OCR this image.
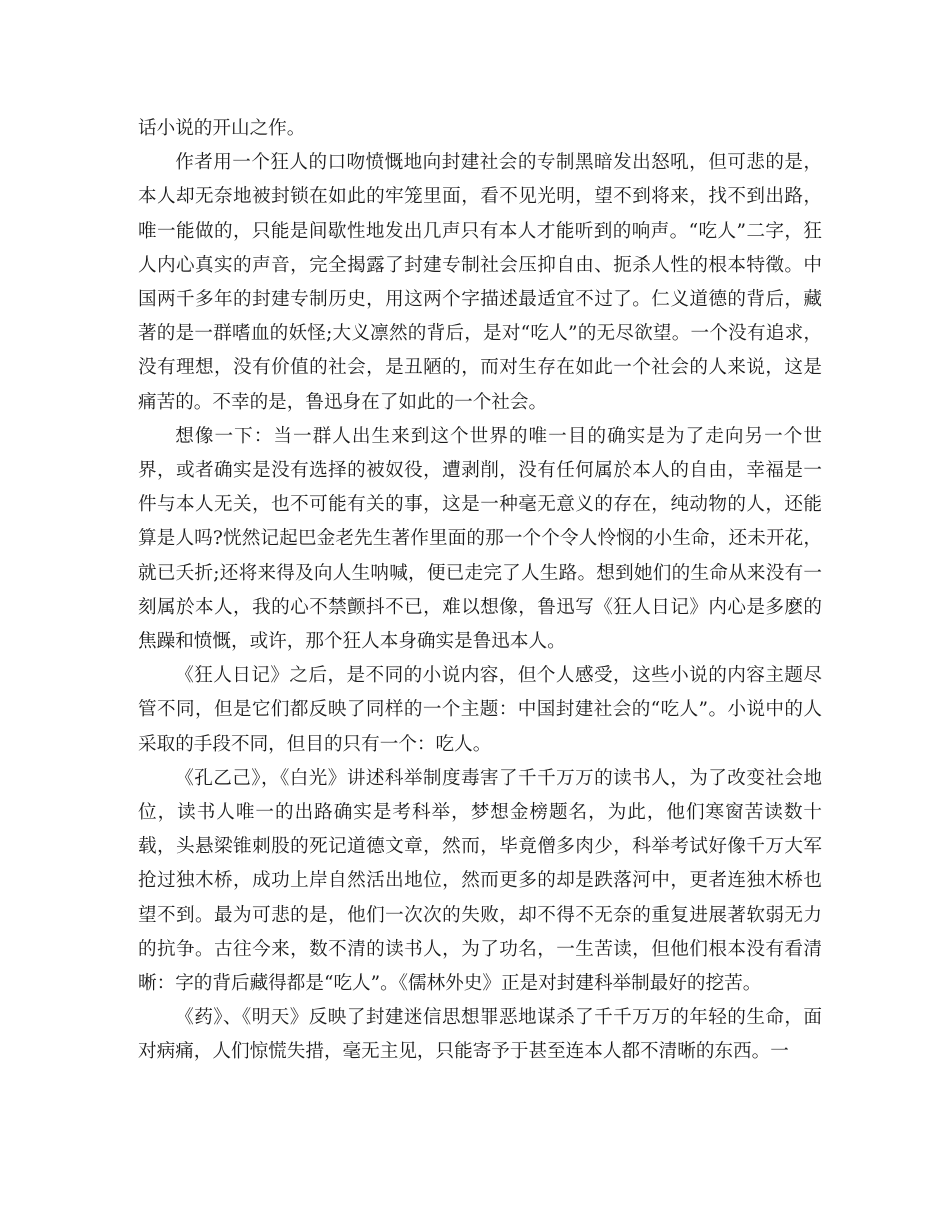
话小说的开山之作。

作者用一个狂人的口吻愤慨地向封建社会的专制黑暗发出怒吼，但可悲的是，本人却无奈地被封锁在如此的牢笼里面，看不见光明，望不到将来，找不到出路，唯一能做的，只能是间歇性地发出几声只有本人才能听到的响声。“吃人”二字，狂人内心真实的声音，完全揭露了封建专制社会压抑自由、扼杀人性的根本特徵。中国两千多年的封建专制历史，用这两个字描述最适宜不过了。仁义道德的背后，藏著的是一群嗜血的妖怪;大义凛然的背后，是对“吃人”的无尽欲望。一个没有追求，没有理想，没有价值的社会，是丑陋的，而对生存在如此一个社会的人来说，这是痛苦的。不幸的是，鲁迅身在了如此的一个社会。

想像一下：当一群人出生来到这个世界的唯一目的确实是为了走向另一个世界，或者确实是没有选择的被奴役，遭剥削，没有任何属於本人的自由，幸福是一件与本人无关，也不可能有关的事，这是一种毫无意义的存在，纯动物的人，还能算是人吗?恍然记起巴金老先生著作里面的那一个个令人怜悯的小生命，还未开花，就已夭折;还将来得及向人生呐喊，便已走完了人生路。想到她们的生命从来没有一刻属於本人，我的心不禁颤抖不已，难以想像，鲁迅写《狂人日记》内心是多麽的焦躁和愤慨，或许，那个狂人本身确实是鲁迅本人。

《狂人日记》之后，是不同的小说内容，但个人感受，这些小说的内容主题尽管不同，但是它们都反映了同样的一个主题：中国封建社会的“吃人”。小说中的人采取的手段不同，但目的只有一个：吃人。

《孔乙己》，《白光》讲述科举制度毒害了千千万万的读书人，为了改变社会地位，读书人唯一的出路确实是考科举，梦想金榜题名，为此，他们寒窗苦读数十载，头悬梁锥刺股的死记道德文章，然而，毕竟僧多肉少，科举考试好像千万大军抢过独木桥，成功上岸自然活出地位，然而更多的却是跌落河中，更者连独木桥也望不到。最为可悲的是，他们一次次的失败，却不得不无奈的重复进展著软弱无力的抗争。古往今来，数不清的读书人，为了功名，一生苦读，但他们根本没有看清晰：字的背后藏得都是“吃人”。《儒林外史》正是对封建科举制最好的挖苦。

《药》、《明天》反映了封建迷信思想罪恶地谋杀了千千万万的年轻的生命，面对病痛，人们惊慌失措，毫无主见，只能寄予于甚至连本人都不清晰的东西。一
